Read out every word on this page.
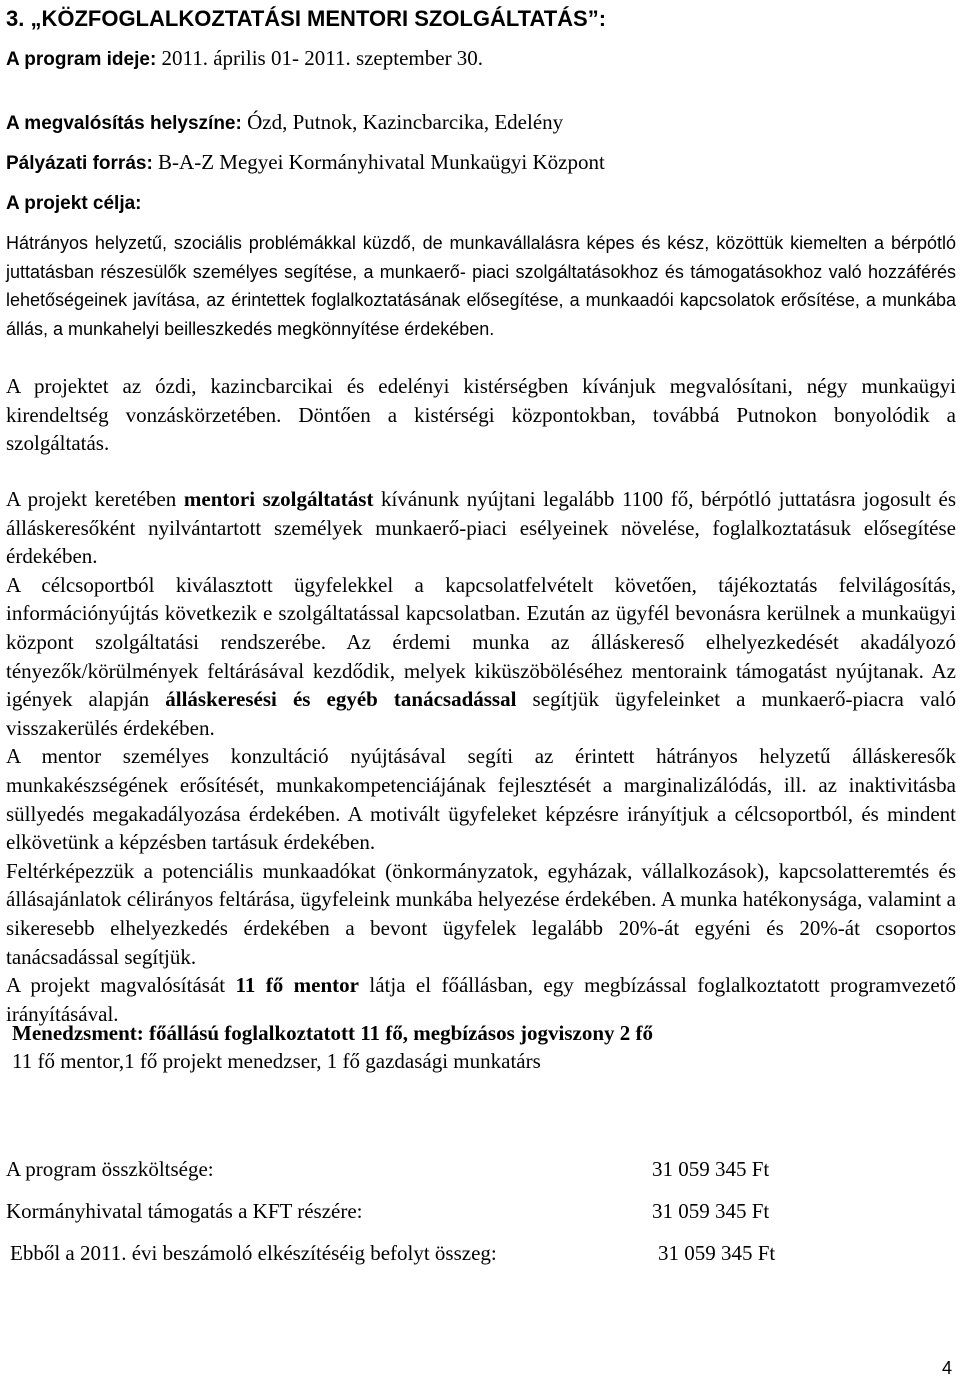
3. „KÖZFOGLALKOZTATÁSI MENTORI SZOLGÁLTATÁS”:
A program ideje: 2011. április 01- 2011. szeptember 30.
A megvalósítás helyszíne: Ózd, Putnok, Kazincbarcika, Edelény
Pályázati forrás: B-A-Z Megyei Kormányhivatal Munkaügyi Központ
A projekt célja:

Hátrányos helyzetű, szociális problémákkal küzdő, de munkavállalásra képes és kész, közöttük kiemelten a bérpótló juttatásban részesülők személyes segítése, a munkaerő- piaci szolgáltatásokhoz és támogatásokhoz való hozzáférés lehetőségeinek javítása, az érintettek foglalkoztatásának elősegítése, a munkaadói kapcsolatok erősítése, a munkába állás, a munkahelyi beilleszkedés megkönnyítése érdekében.

A projektet az ózdi, kazincbarcikai és edelényi kistérségben kívánjuk megvalósítani, négy munkaügyi kirendeltség vonzáskörzetében. Döntően a kistérségi központokban, továbbá Putnokon bonyolódik a szolgáltatás.

A projekt keretében mentori szolgáltatást kívánunk nyújtani legalább 1100 fő, bérpótló juttatásra jogosult és álláskeresőként nyilvántartott személyek munkaerő-piaci esélyeinek növelése, foglalkoztatásuk elősegítése érdekében.

A célcsoportból kiválasztott ügyfelekkel a kapcsolatfelvételt követően, tájékoztatás felvilágosítás, információnyújtás következik e szolgáltatással kapcsolatban. Ezután az ügyfél bevonásra kerülnek a munkaügyi központ szolgáltatási rendszerébe. Az érdemi munka az álláskereső elhelyezkedését akadályozó tényezők/körülmények feltárásával kezdődik, melyek kiküszöböléséhez mentoraink támogatást nyújtanak. Az igények alapján álláskeresési és egyéb tanácsadással segítjük ügyfeleinket a munkaerő-piacra való visszakerülés érdekében.

A mentor személyes konzultáció nyújtásával segíti az érintett hátrányos helyzetű álláskeresők munkakészségének erősítését, munkakompetenciájának fejlesztését a marginalizálódás, ill. az inaktivitásba süllyedés megakadályozása érdekében. A motivált ügyfeleket képzésre irányítjuk a célcsoportból, és mindent elkövetünk a képzésben tartásuk érdekében.

Feltérképezzük a potenciális munkaadókat (önkormányzatok, egyházak, vállalkozások), kapcsolatteremtés és állásajánlatok célirányos feltárása, ügyfeleink munkába helyezése érdekében. A munka hatékonysága, valamint a sikeresebb elhelyezkedés érdekében a bevont ügyfelek legalább 20%-át egyéni és 20%-át csoportos tanácsadással segítjük.

A projekt magvalósítását 11 fő mentor látja el főállásban, egy megbízással foglalkoztatott programvezető irányításával.

Menedzsment: főállású foglalkoztatott 11 fő, megbízásos jogviszony 2 fő
11 fő mentor,1 fő projekt menedzser, 1 fő gazdasági munkatárs
A program összköltsége:	31 059 345 Ft
Kormányhivatal támogatás a KFT részére:	31 059 345 Ft
Ebből a 2011. évi beszámoló elkészítéséig befolyt összeg:	31 059 345 Ft
4
